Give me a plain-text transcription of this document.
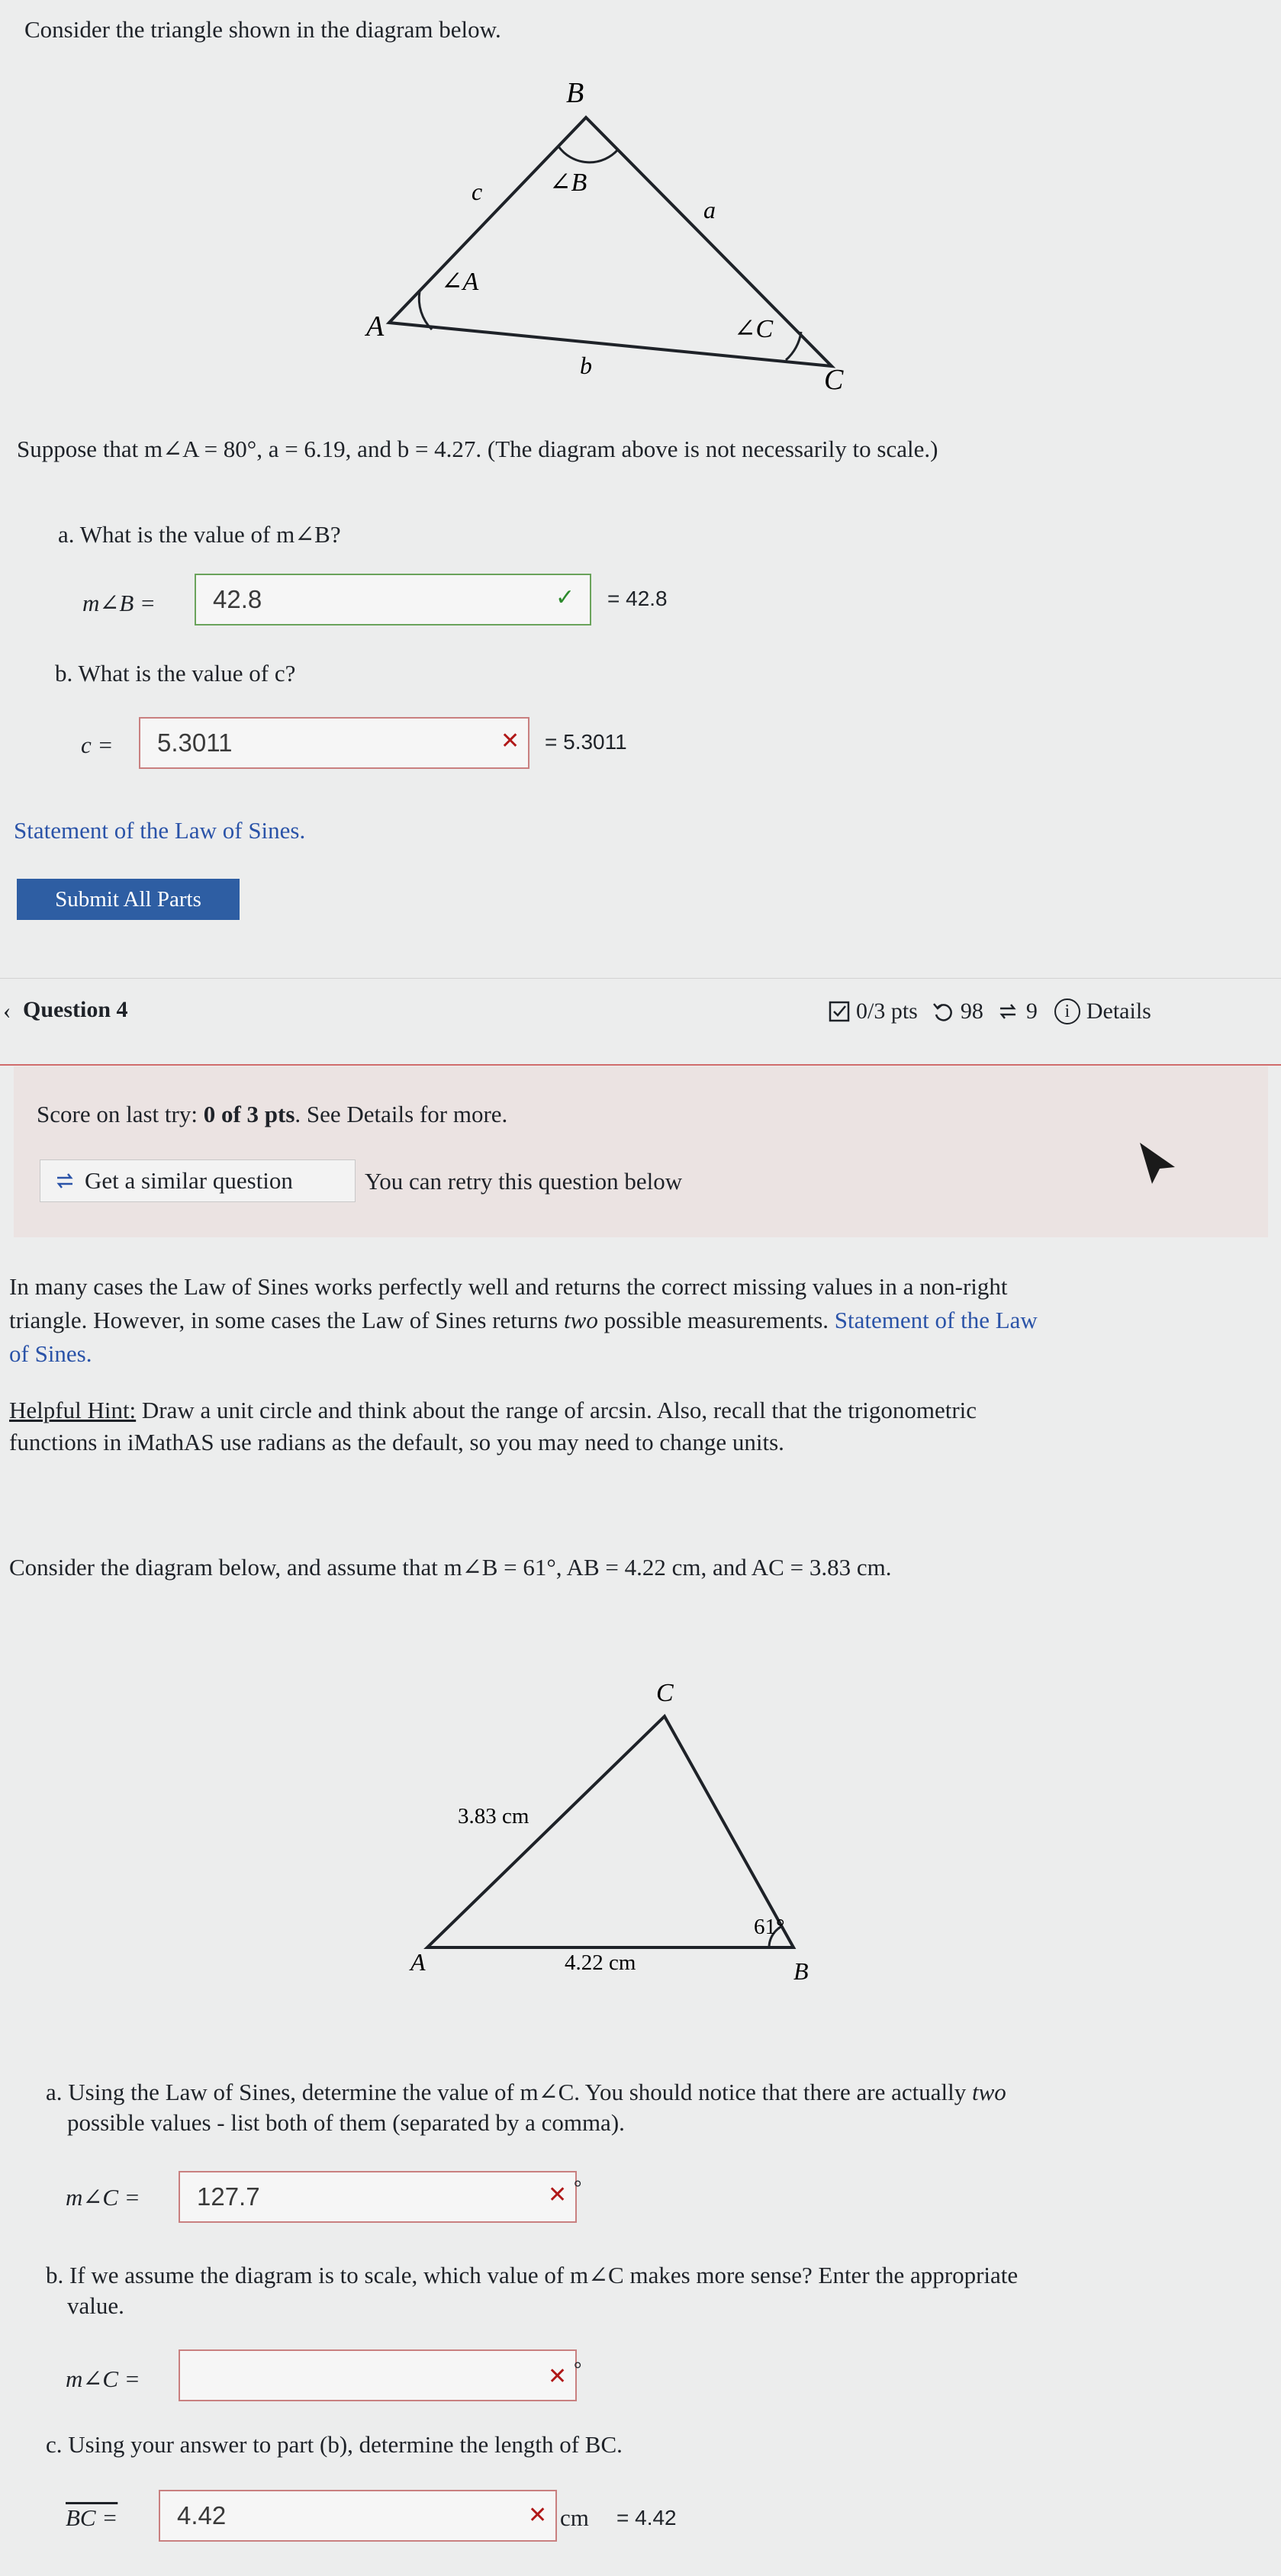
Consider the triangle shown in the diagram below.
A
B
C
a
b
c
∠A
∠B
∠C
Suppose that m∠A = 80°, a = 6.19, and b = 4.27. (The diagram above is not necessarily to scale.)
a. What is the value of m∠B?
m∠B = 42.8	✓ = 42.8
b. What is the value of c?
c = 5.3011	✕ = 5.3011
Statement of the Law of Sines.
Submit All Parts
‹ Question 4	0/3 pts 98 9	i Details
Score on last try: 0 of 3 pts. See Details for more.
Get a similar question	You can retry this question below
In many cases the Law of Sines works perfectly well and returns the correct missing values in a non-right
triangle. However, in some cases the Law of Sines returns two possible measurements. Statement of the Law
of Sines.
Helpful Hint: Draw a unit circle and think about the range of arcsin. Also, recall that the trigonometric
functions in iMathAS use radians as the default, so you may need to change units.
Consider the diagram below, and assume that m∠B = 61°, AB = 4.22 cm, and AC = 3.83 cm.
A
C
B
3.83 cm
4.22 cm
61°
a. Using the Law of Sines, determine the value of m∠C. You should notice that there are actually two
possible values - list both of them (separated by a comma).
m∠C = 127.7	✕ °
b. If we assume the diagram is to scale, which value of m∠C makes more sense? Enter the appropriate
value.
m∠C =	✕ °
c. Using your answer to part (b), determine the length of BC.
BC = 4.42	✕ cm = 4.42
